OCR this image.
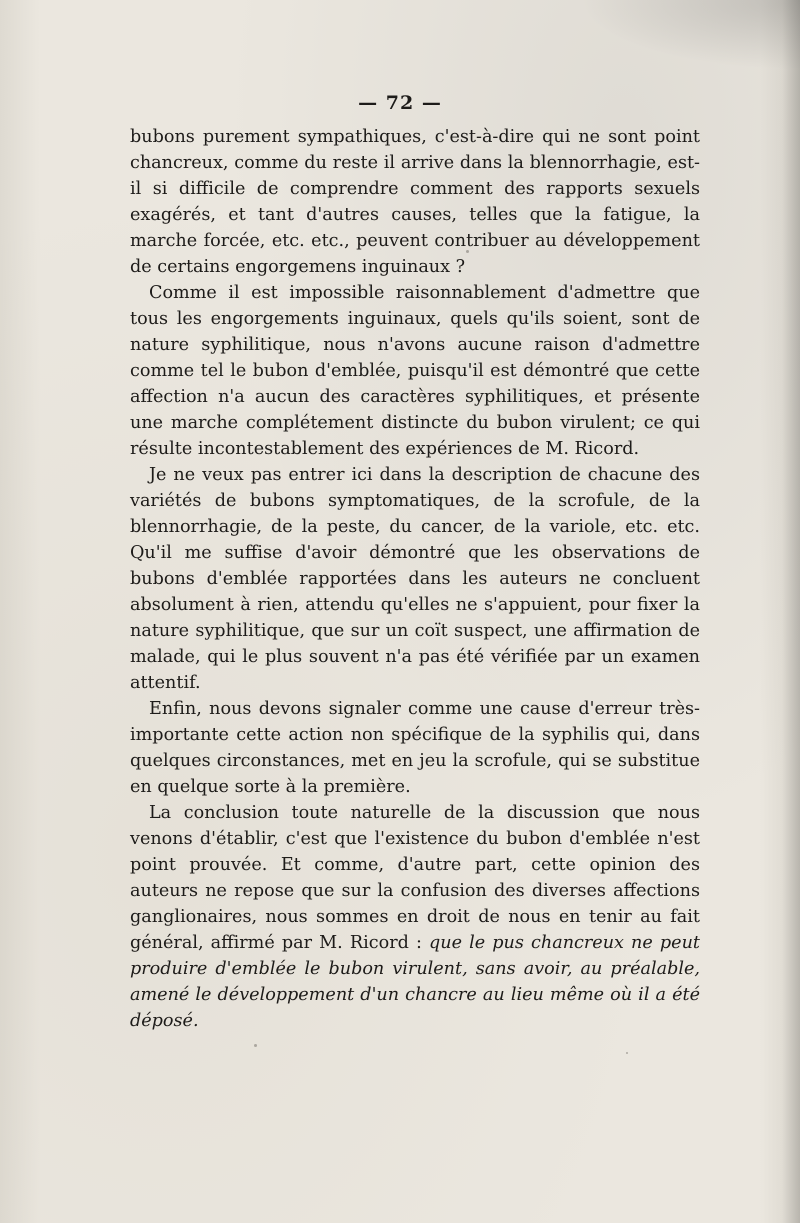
— 72 —

bubons purement sympathiques, c'est-à-dire qui ne sont point chancreux, comme du reste il arrive dans la blennorrhagie, est-il si difficile de comprendre comment des rapports sexuels exagérés, et tant d'autres causes, telles que la fatigue, la marche forcée, etc. etc., peuvent contribuer au développement de certains engorgemens inguinaux ?

Comme il est impossible raisonnablement d'admettre que tous les engorgements inguinaux, quels qu'ils soient, sont de nature syphilitique, nous n'avons aucune raison d'admettre comme tel le bubon d'emblée, puisqu'il est démontré que cette affection n'a aucun des caractères syphilitiques, et présente une marche complétement distincte du bubon virulent; ce qui résulte incontestablement des expériences de M. Ricord.

Je ne veux pas entrer ici dans la description de chacune des variétés de bubons symptomatiques, de la scrofule, de la blennorrhagie, de la peste, du cancer, de la variole, etc. etc. Qu'il me suffise d'avoir démontré que les observations de bubons d'emblée rapportées dans les auteurs ne concluent absolument à rien, attendu qu'elles ne s'appuient, pour fixer la nature syphilitique, que sur un coït suspect, une affirmation de malade, qui le plus souvent n'a pas été vérifiée par un examen attentif.

Enfin, nous devons signaler comme une cause d'erreur très-importante cette action non spécifique de la syphilis qui, dans quelques circonstances, met en jeu la scrofule, qui se substitue en quelque sorte à la première.

La conclusion toute naturelle de la discussion que nous venons d'établir, c'est que l'existence du bubon d'emblée n'est point prouvée. Et comme, d'autre part, cette opinion des auteurs ne repose que sur la confusion des diverses affections ganglionaires, nous sommes en droit de nous en tenir au fait général, affirmé par M. Ricord : que le pus chancreux ne peut produire d'emblée le bubon virulent, sans avoir, au préalable, amené le développement d'un chancre au lieu même où il a été déposé.
